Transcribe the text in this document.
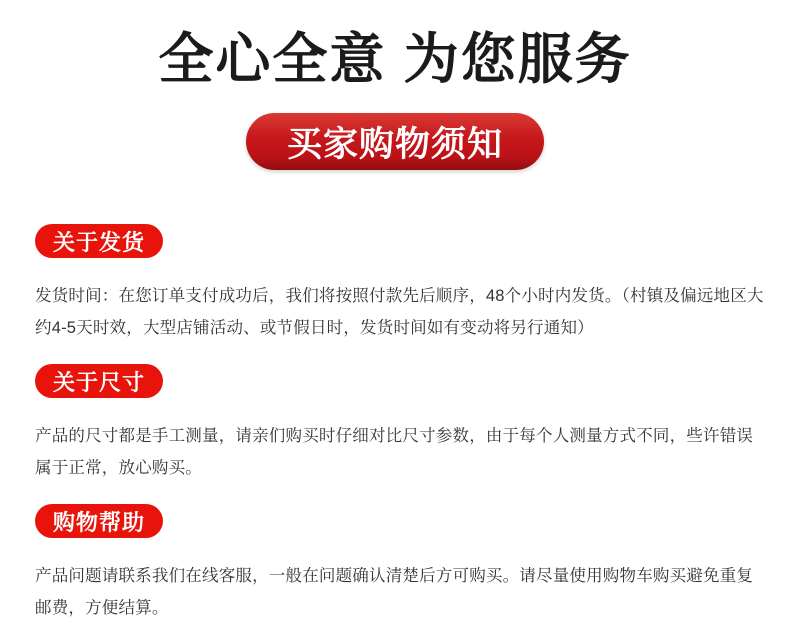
全心全意 为您服务
买家购物须知
关于发货
发货时间：在您订单支付成功后，我们将按照付款先后顺序，48个小时内发货。（村镇及偏远地区大约4-5天时效，大型店铺活动、或节假日时，发货时间如有变动将另行通知）
关于尺寸
产品的尺寸都是手工测量，请亲们购买时仔细对比尺寸参数，由于每个人测量方式不同，些许错误属于正常，放心购买。
购物帮助
产品问题请联系我们在线客服，一般在问题确认清楚后方可购买。请尽量使用购物车购买避免重复邮费，方便结算。
